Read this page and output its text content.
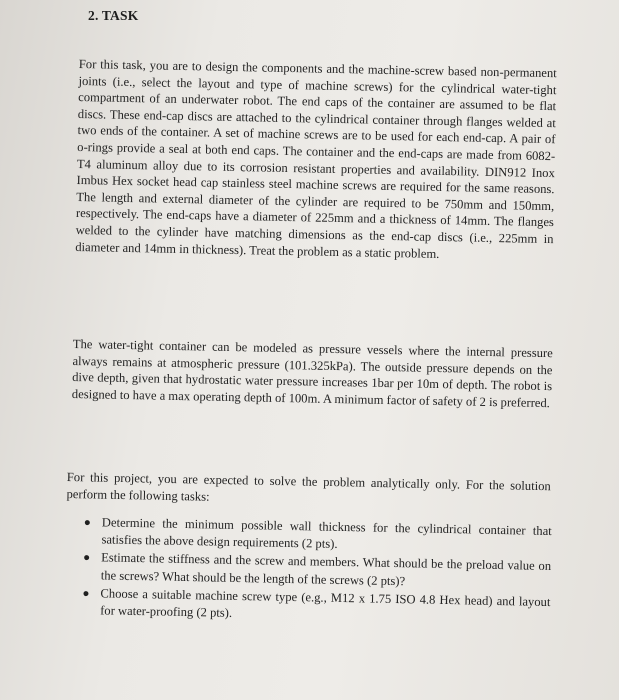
2. TASK

For this task, you are to design the components and the machine-screw based non-permanent joints (i.e., select the layout and type of machine screws) for the cylindrical water-tight compartment of an underwater robot. The end caps of the container are assumed to be flat discs. These end-cap discs are attached to the cylindrical container through flanges welded at two ends of the container. A set of machine screws are to be used for each end-cap. A pair of o-rings provide a seal at both end caps. The container and the end-caps are made from 6082-T4 aluminum alloy due to its corrosion resistant properties and availability. DIN912 Inox Imbus Hex socket head cap stainless steel machine screws are required for the same reasons. The length and external diameter of the cylinder are required to be 750mm and 150mm, respectively. The end-caps have a diameter of 225mm and a thickness of 14mm. The flanges welded to the cylinder have matching dimensions as the end-cap discs (i.e., 225mm in diameter and 14mm in thickness). Treat the problem as a static problem.

The water-tight container can be modeled as pressure vessels where the internal pressure always remains at atmospheric pressure (101.325kPa). The outside pressure depends on the dive depth, given that hydrostatic water pressure increases 1bar per 10m of depth. The robot is designed to have a max operating depth of 100m. A minimum factor of safety of 2 is preferred.

For this project, you are expected to solve the problem analytically only. For the solution perform the following tasks:

Determine the minimum possible wall thickness for the cylindrical container that satisfies the above design requirements (2 pts).
Estimate the stiffness and the screw and members. What should be the preload value on the screws? What should be the length of the screws (2 pts)?
Choose a suitable machine screw type (e.g., M12 x 1.75 ISO 4.8 Hex head) and layout for water-proofing (2 pts).
